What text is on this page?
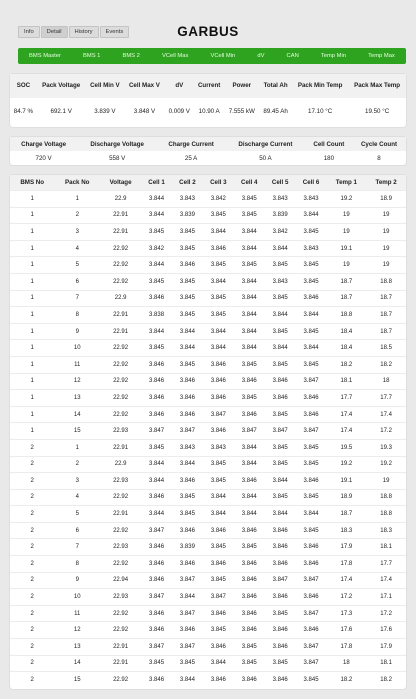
Info	Detail	History	Events	GARBUS
BMS Master	BMS 1	BMS 2	VCell Max	VCell Min	dV	CAN	Temp Min	Temp Max
SOC	Pack Voltage	Cell Min V	Cell Max V	dV	Current	Power	Total Ah	Pack Min Temp	Pack Max Temp
84.7 %	692.1 V	3.839 V	3.848 V	0.009 V	10.90 A	7.555 kW	89.45 Ah	17.10 °C	19.50 °C
Charge Voltage	Discharge Voltage	Charge Current	Discharge Current	Cell Count	Cycle Count
720 V	558 V	25 A	50 A	180	8
BMS No	Pack No	Voltage	Cell 1	Cell 2	Cell 3	Cell 4	Cell 5	Cell 6	Temp 1	Temp 2
1	1	22.9	3.844	3.843	3.842	3.845	3.843	3.843	19.2	18.9
1	2	22.91	3.844	3.839	3.845	3.845	3.839	3.844	19	19
1	3	22.91	3.845	3.845	3.844	3.844	3.842	3.845	19	19
1	4	22.92	3.842	3.845	3.846	3.844	3.844	3.843	19.1	19
1	5	22.92	3.844	3.846	3.845	3.845	3.845	3.845	19	19
1	6	22.92	3.845	3.845	3.844	3.844	3.843	3.845	18.7	18.8
1	7	22.9	3.846	3.845	3.845	3.844	3.845	3.846	18.7	18.7
1	8	22.91	3.838	3.845	3.845	3.844	3.844	3.844	18.8	18.7
1	9	22.91	3.844	3.844	3.844	3.844	3.845	3.845	18.4	18.7
1	10	22.92	3.845	3.844	3.844	3.844	3.844	3.844	18.4	18.5
1	11	22.92	3.846	3.845	3.846	3.845	3.845	3.845	18.2	18.2
1	12	22.92	3.846	3.846	3.846	3.846	3.846	3.847	18.1	18
1	13	22.92	3.846	3.846	3.846	3.845	3.846	3.846	17.7	17.7
1	14	22.92	3.846	3.846	3.847	3.846	3.845	3.846	17.4	17.4
1	15	22.93	3.847	3.847	3.846	3.847	3.847	3.847	17.4	17.2
2	1	22.91	3.845	3.843	3.843	3.844	3.845	3.845	19.5	19.3
2	2	22.9	3.844	3.844	3.845	3.844	3.845	3.845	19.2	19.2
2	3	22.93	3.844	3.846	3.845	3.846	3.844	3.846	19.1	19
2	4	22.92	3.846	3.845	3.844	3.844	3.845	3.845	18.9	18.8
2	5	22.91	3.844	3.845	3.844	3.844	3.844	3.844	18.7	18.8
2	6	22.92	3.847	3.846	3.846	3.846	3.846	3.845	18.3	18.3
2	7	22.93	3.846	3.839	3.845	3.845	3.846	3.846	17.9	18.1
2	8	22.92	3.846	3.846	3.846	3.846	3.846	3.846	17.8	17.7
2	9	22.94	3.846	3.847	3.845	3.846	3.847	3.847	17.4	17.4
2	10	22.93	3.847	3.844	3.847	3.846	3.846	3.846	17.2	17.1
2	11	22.92	3.846	3.847	3.846	3.846	3.845	3.847	17.3	17.2
2	12	22.92	3.846	3.846	3.845	3.846	3.846	3.846	17.6	17.6
2	13	22.91	3.847	3.847	3.846	3.845	3.846	3.847	17.8	17.9
2	14	22.91	3.845	3.845	3.844	3.845	3.845	3.847	18	18.1
2	15	22.92	3.846	3.844	3.846	3.846	3.846	3.845	18.2	18.2
